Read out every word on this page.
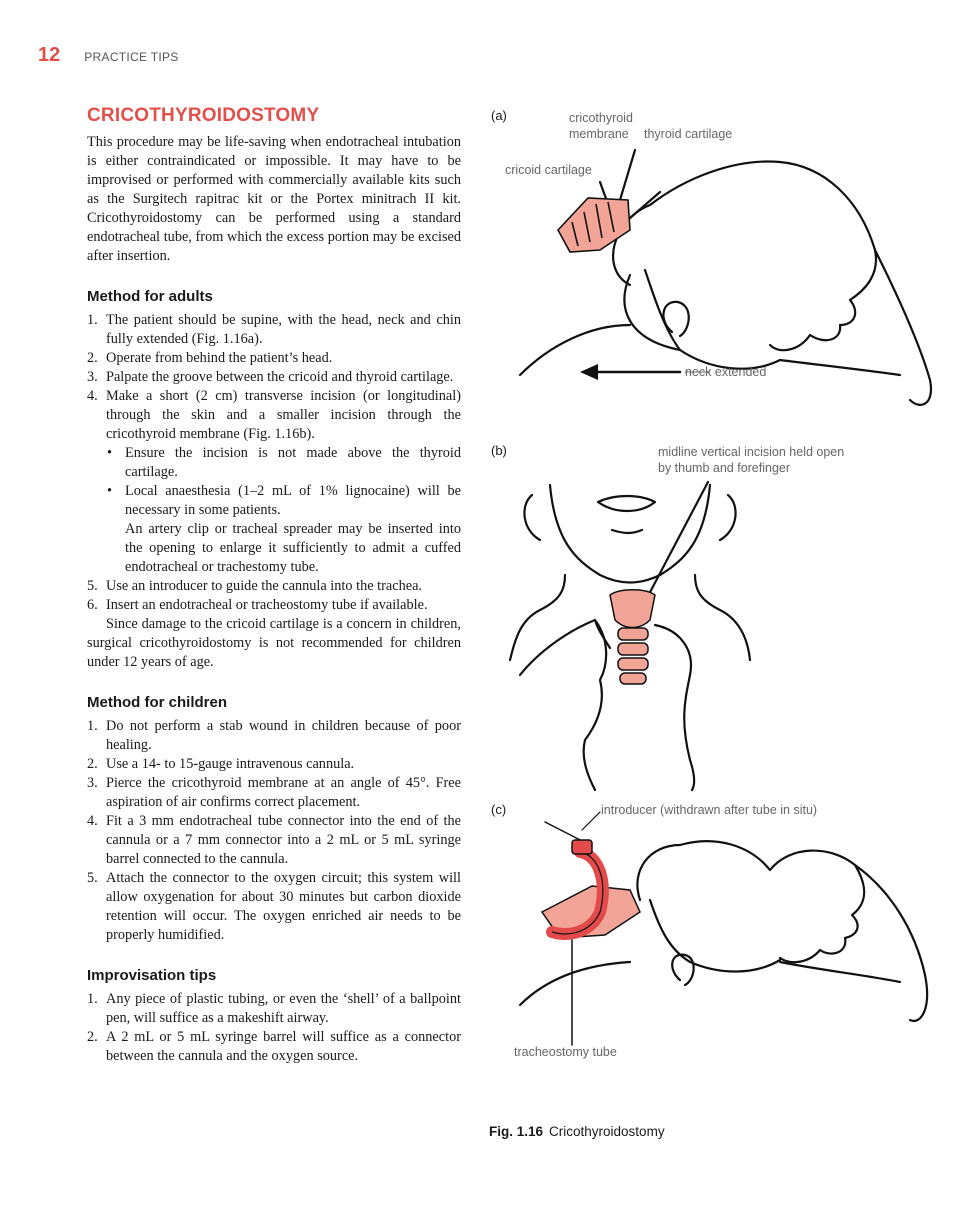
12 PRACTICE TIPS
CRICOTHYROIDOSTOMY

This procedure may be life-saving when endotracheal intubation is either contraindicated or impossible. It may have to be improvised or performed with commercially available kits such as the Surgitech rapitrac kit or the Portex minitrach II kit. Cricothyroidostomy can be performed using a standard endotracheal tube, from which the excess portion may be excised after insertion.

Method for adults
1. The patient should be supine, with the head, neck and chin fully extended (Fig. 1.16a).
2. Operate from behind the patient’s head.
3. Palpate the groove between the cricoid and thyroid cartilage.
4. Make a short (2 cm) transverse incision (or longitudinal) through the skin and a smaller incision through the cricothyroid membrane (Fig. 1.16b).
• Ensure the incision is not made above the thyroid cartilage.
• Local anaesthesia (1–2 mL of 1% lignocaine) will be necessary in some patients.
An artery clip or tracheal spreader may be inserted into the opening to enlarge it sufficiently to admit a cuffed endotracheal or trachestomy tube.
5. Use an introducer to guide the cannula into the trachea.
6. Insert an endotracheal or tracheostomy tube if available.

Since damage to the cricoid cartilage is a concern in children, surgical cricothyroidostomy is not recommended for children under 12 years of age.

Method for children
1. Do not perform a stab wound in children because of poor healing.
2. Use a 14- to 15-gauge intravenous cannula.
3. Pierce the cricothyroid membrane at an angle of 45°. Free aspiration of air confirms correct placement.
4. Fit a 3 mm endotracheal tube connector into the end of the cannula or a 7 mm connector into a 2 mL or 5 mL syringe barrel connected to the cannula.
5. Attach the connector to the oxygen circuit; this system will allow oxygenation for about 30 minutes but carbon dioxide retention will occur. The oxygen enriched air needs to be properly humidified.
Improvisation tips
1. Any piece of plastic tubing, or even the ‘shell’ of a ballpoint pen, will suffice as a makeshift airway.
2. A 2 mL or 5 mL syringe barrel will suffice as a connector between the cannula and the oxygen source.
(a)	cricothyroid membrane	thyroid cartilage
cricoid cartilage
neck extended
(b)	midline vertical incision held open by thumb and forefinger
(c)	introducer (withdrawn after tube in situ)
tracheostomy tube
Fig. 1.16 Cricothyroidostomy
